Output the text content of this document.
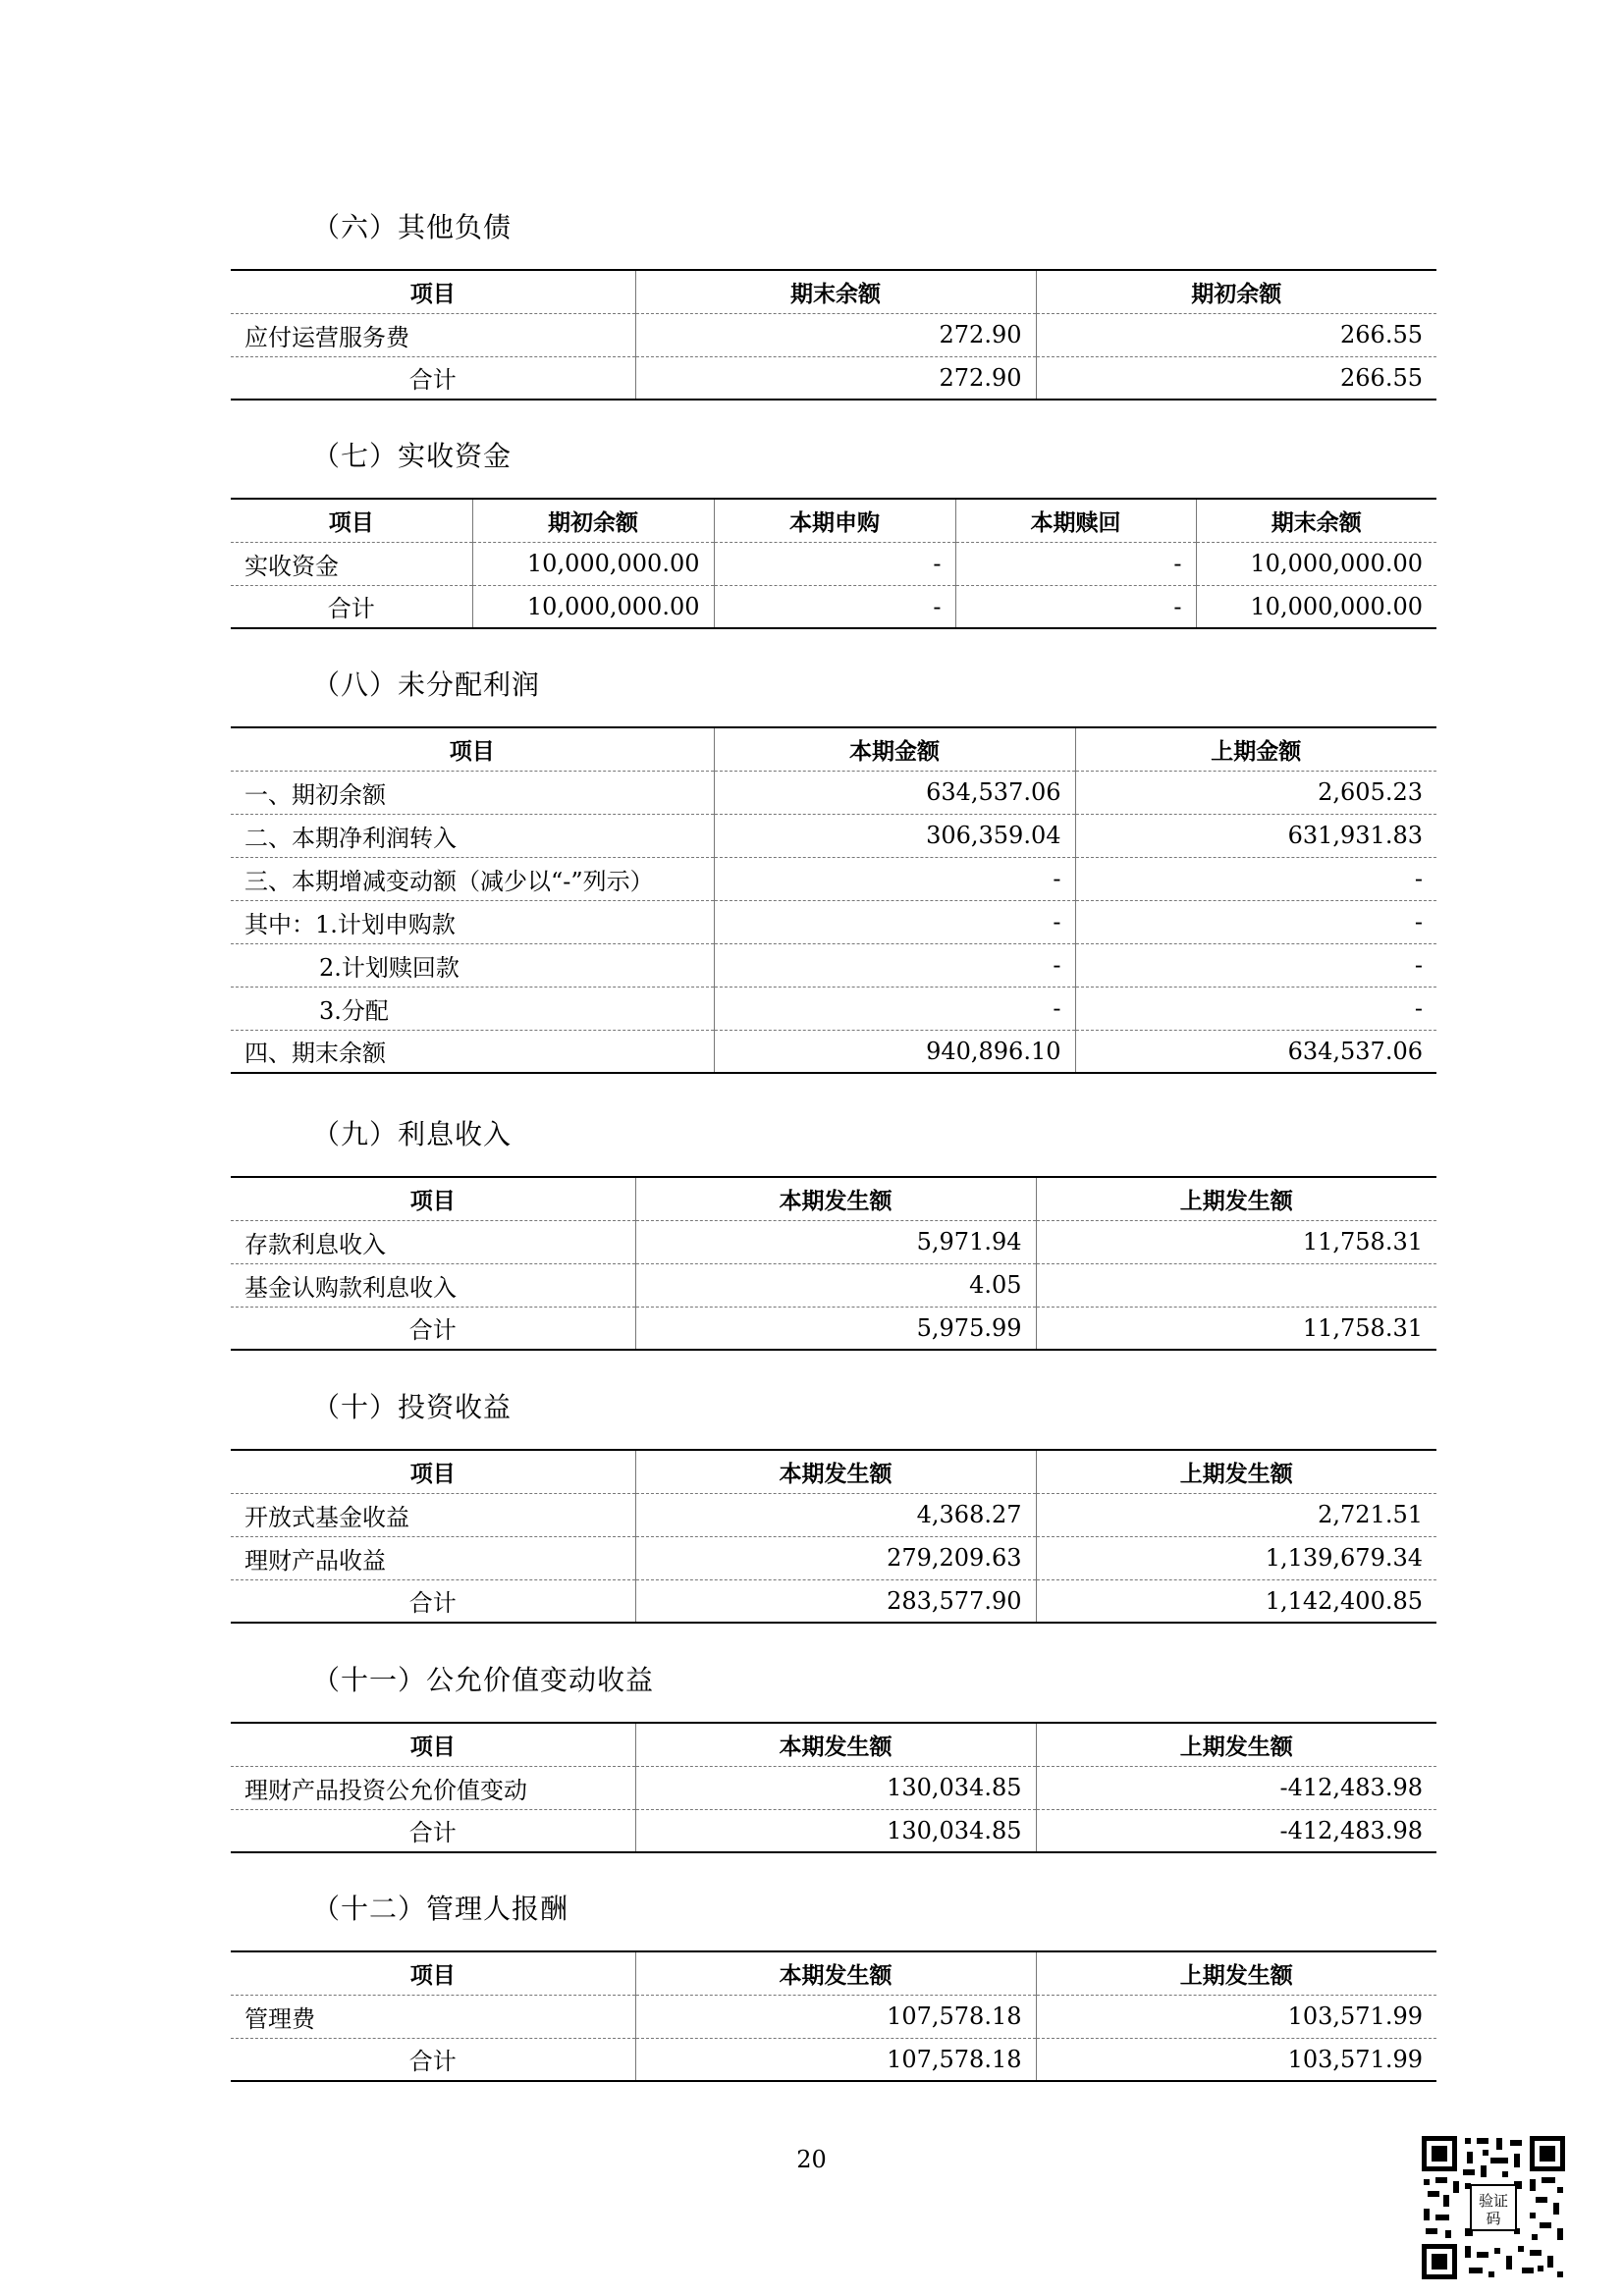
（六）其他负债
项目	期末余额	期初余额
应付运营服务费	272.90	266.55
合计	272.90	266.55
（七）实收资金
项目	期初余额	本期申购	本期赎回	期末余额
实收资金	10,000,000.00	-	-	10,000,000.00
合计	10,000,000.00	-	-	10,000,000.00
（八）未分配利润
项目	本期金额	上期金额
一、期初余额	634,537.06	2,605.23
二、本期净利润转入	306,359.04	631,931.83
三、本期增减变动额（减少以“-”列示）	-	-
其中：1.计划申购款	-	-
2.计划赎回款	-	-
3.分配	-	-
四、期末余额	940,896.10	634,537.06
（九）利息收入
项目	本期发生额	上期发生额
存款利息收入	5,971.94	11,758.31
基金认购款利息收入	4.05	
合计	5,975.99	11,758.31
（十）投资收益
项目	本期发生额	上期发生额
开放式基金收益	4,368.27	2,721.51
理财产品收益	279,209.63	1,139,679.34
合计	283,577.90	1,142,400.85
（十一）公允价值变动收益
项目	本期发生额	上期发生额
理财产品投资公允价值变动	130,034.85	-412,483.98
合计	130,034.85	-412,483.98
（十二）管理人报酬
项目	本期发生额	上期发生额
管理费	107,578.18	103,571.99
合计	107,578.18	103,571.99
20
验证
码
